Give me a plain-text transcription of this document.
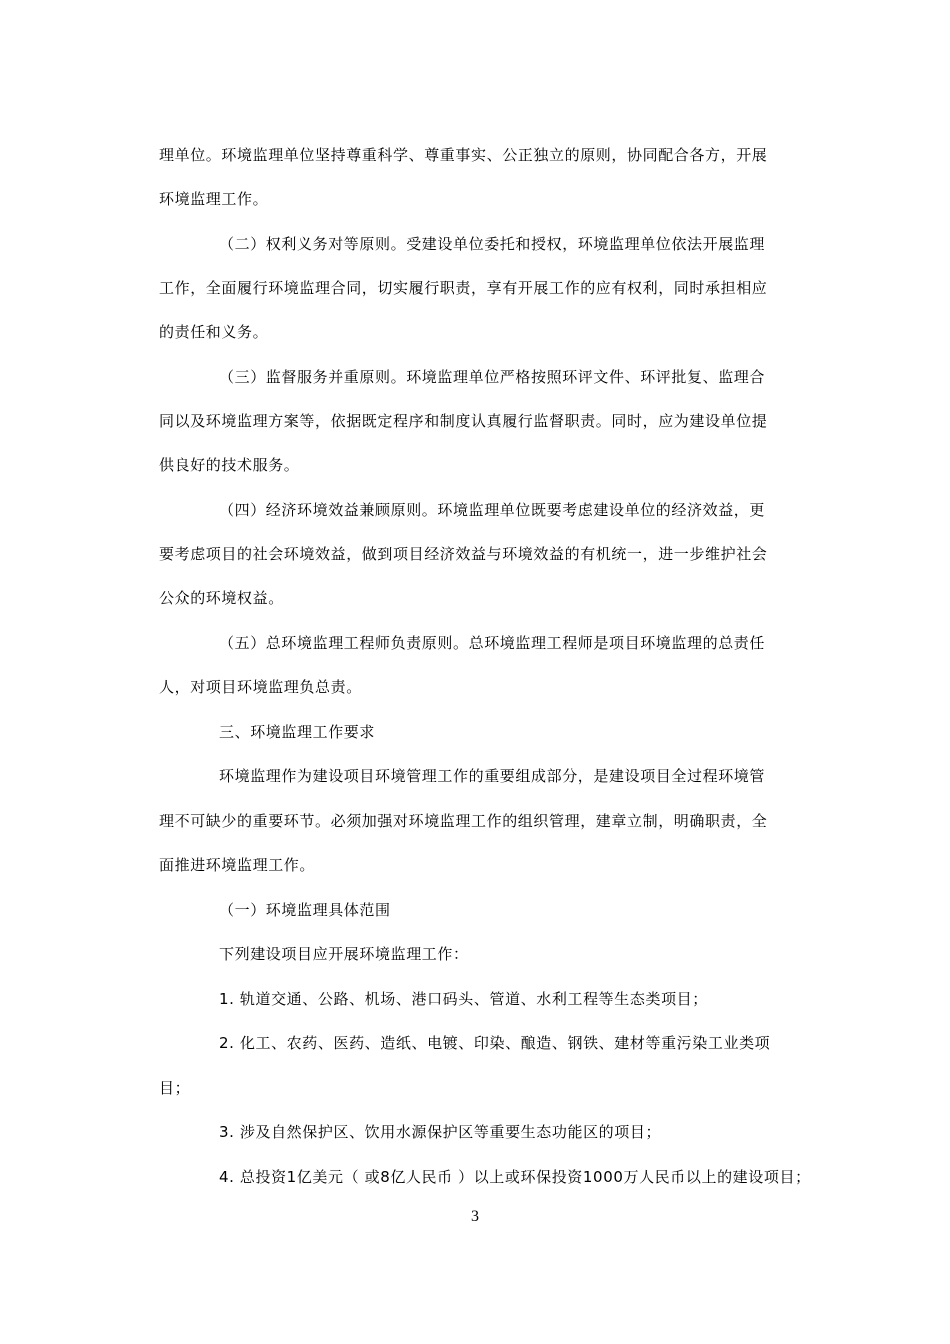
理单位。环境监理单位坚持尊重科学、尊重事实、公正独立的原则，协同配合各方，开展

环境监理工作。

（二）权利义务对等原则。受建设单位委托和授权，环境监理单位依法开展监理

工作，全面履行环境监理合同，切实履行职责，享有开展工作的应有权利，同时承担相应

的责任和义务。

（三）监督服务并重原则。环境监理单位严格按照环评文件、环评批复、监理合

同以及环境监理方案等，依据既定程序和制度认真履行监督职责。同时，应为建设单位提

供良好的技术服务。

（四）经济环境效益兼顾原则。环境监理单位既要考虑建设单位的经济效益，更

要考虑项目的社会环境效益，做到项目经济效益与环境效益的有机统一，进一步维护社会

公众的环境权益。

（五）总环境监理工程师负责原则。总环境监理工程师是项目环境监理的总责任

人，对项目环境监理负总责。

三、环境监理工作要求

环境监理作为建设项目环境管理工作的重要组成部分，是建设项目全过程环境管

理不可缺少的重要环节。必须加强对环境监理工作的组织管理，建章立制，明确职责，全

面推进环境监理工作。

（一）环境监理具体范围

下列建设项目应开展环境监理工作：

1. 轨道交通、公路、机场、港口码头、管道、水利工程等生态类项目；

2. 化工、农药、医药、造纸、电镀、印染、酿造、钢铁、建材等重污染工业类项

目；

3. 涉及自然保护区、饮用水源保护区等重要生态功能区的项目；

4. 总投资1亿美元（ 或8亿人民币 ）以上或环保投资1000万人民币以上的建设项目；

3
